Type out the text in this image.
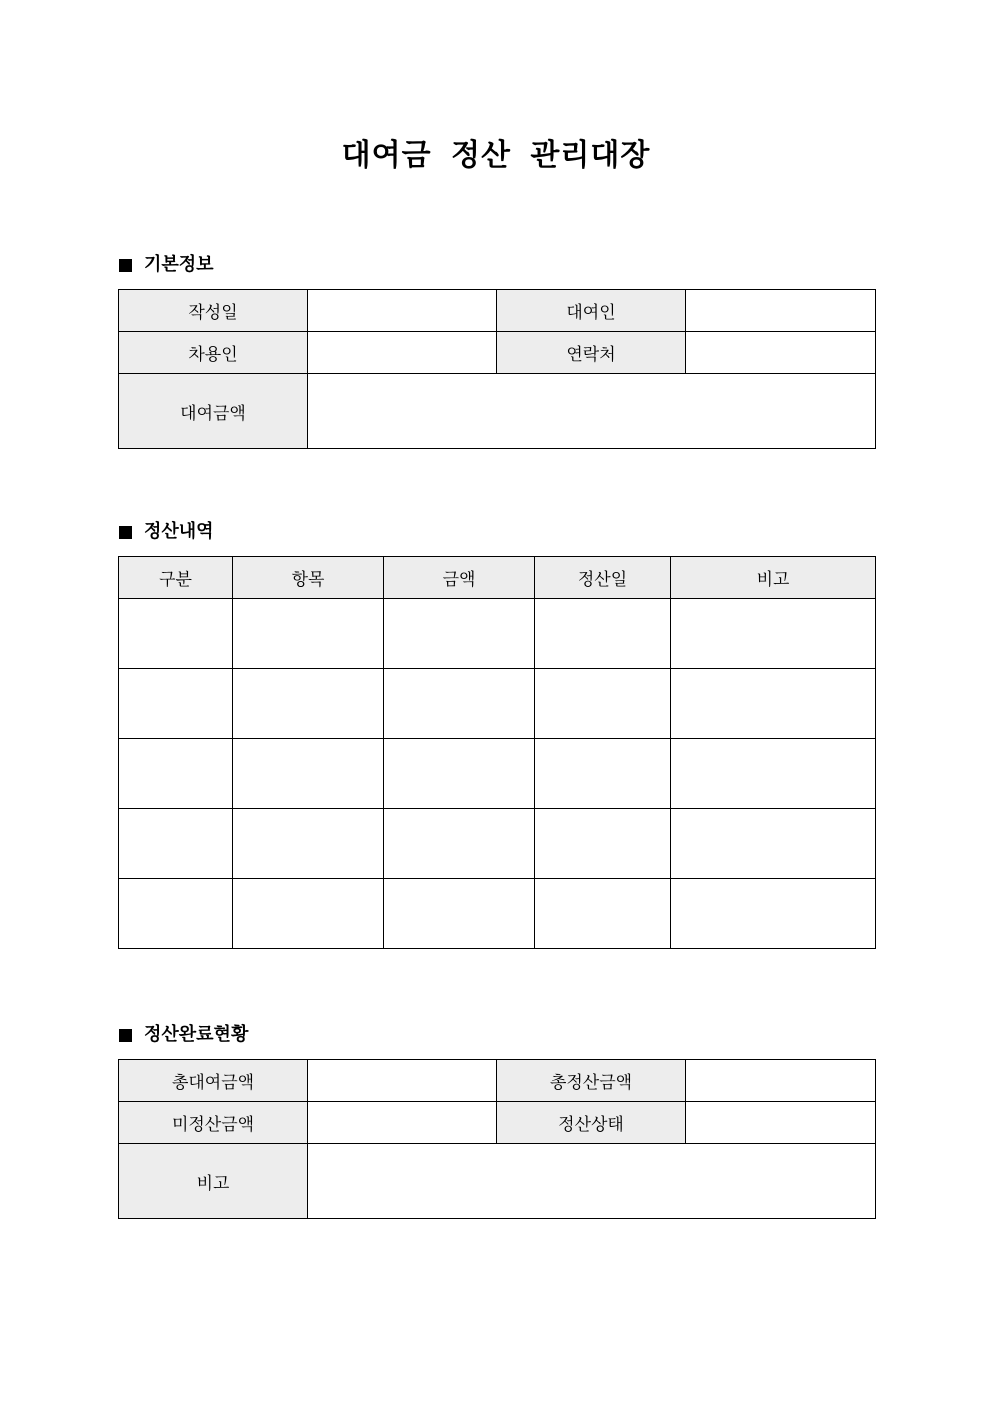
대여금 정산 관리대장
기본정보
작성일		대여인	
차용인		연락처	
대여금액			
정산내역
구분	항목	금액	정산일	비고

정산완료현황
총대여금액		총정산금액	
미정산금액		정산상태	
비고			
